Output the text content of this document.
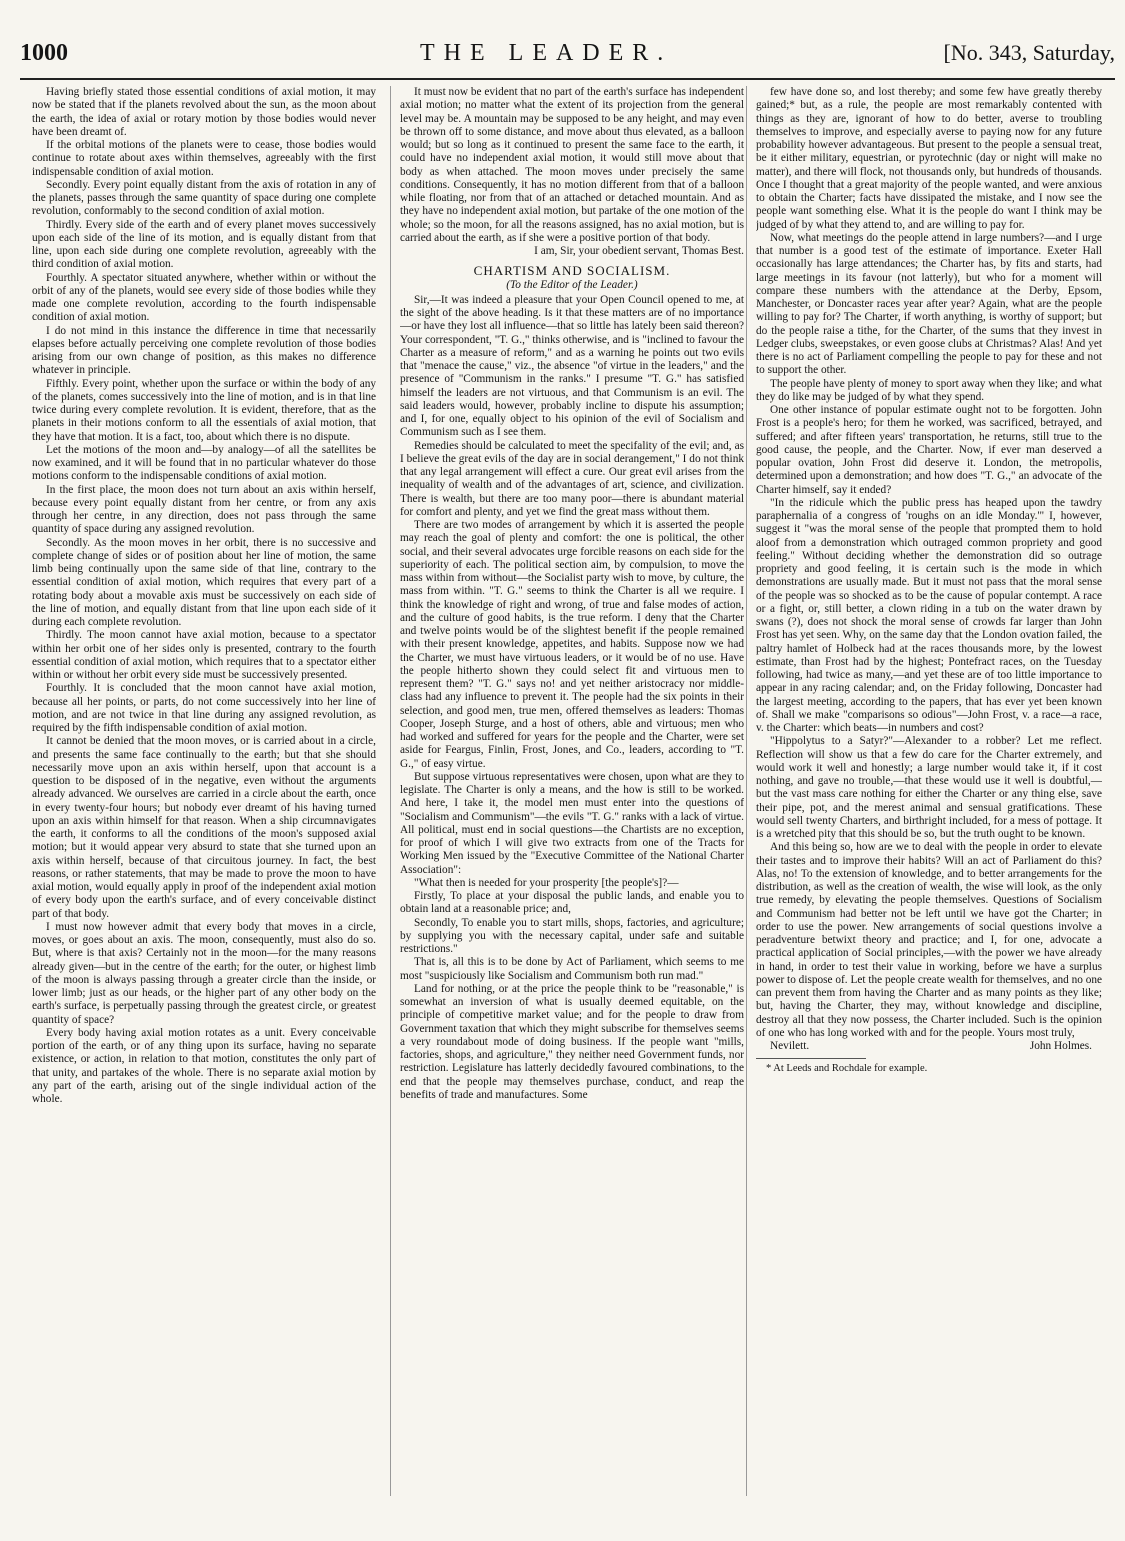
1000	THE LEADER.	[No. 343, Saturday,

Having briefly stated those essential conditions of axial motion, it may now be stated that if the planets revolved about the sun, as the moon about the earth, the idea of axial or rotary motion by those bodies would never have been dreamt of.

If the orbital motions of the planets were to cease, those bodies would continue to rotate about axes within themselves, agreeably with the first indispensable condition of axial motion.

Secondly. Every point equally distant from the axis of rotation in any of the planets, passes through the same quantity of space during one complete revolution, conformably to the second condition of axial motion.

Thirdly. Every side of the earth and of every planet moves successively upon each side of the line of its motion, and is equally distant from that line, upon each side during one complete revolution, agreeably with the third condition of axial motion.

Fourthly. A spectator situated anywhere, whether within or without the orbit of any of the planets, would see every side of those bodies while they made one complete revolution, according to the fourth indispensable condition of axial motion.

I do not mind in this instance the difference in time that necessarily elapses before actually perceiving one complete revolution of those bodies arising from our own change of position, as this makes no difference whatever in principle.

Fifthly. Every point, whether upon the surface or within the body of any of the planets, comes successively into the line of motion, and is in that line twice during every complete revolution. It is evident, therefore, that as the planets in their motions conform to all the essentials of axial motion, that they have that motion. It is a fact, too, about which there is no dispute.

Let the motions of the moon and—by analogy—of all the satellites be now examined, and it will be found that in no particular whatever do those motions conform to the indispensable conditions of axial motion.

In the first place, the moon does not turn about an axis within herself, because every point equally distant from her centre, or from any axis through her centre, in any direction, does not pass through the same quantity of space during any assigned revolution.

Secondly. As the moon moves in her orbit, there is no successive and complete change of sides or of position about her line of motion, the same limb being continually upon the same side of that line, contrary to the essential condition of axial motion, which requires that every part of a rotating body about a movable axis must be successively on each side of the line of motion, and equally distant from that line upon each side of it during each complete revolution.

Thirdly. The moon cannot have axial motion, because to a spectator within her orbit one of her sides only is presented, contrary to the fourth essential condition of axial motion, which requires that to a spectator either within or without her orbit every side must be successively presented.

Fourthly. It is concluded that the moon cannot have axial motion, because all her points, or parts, do not come successively into her line of motion, and are not twice in that line during any assigned revolution, as required by the fifth indispensable condition of axial motion.

It cannot be denied that the moon moves, or is carried about in a circle, and presents the same face continually to the earth; but that she should necessarily move upon an axis within herself, upon that account is a question to be disposed of in the negative, even without the arguments already advanced. We ourselves are carried in a circle about the earth, once in every twenty-four hours; but nobody ever dreamt of his having turned upon an axis within himself for that reason. When a ship circumnavigates the earth, it conforms to all the conditions of the moon's supposed axial motion; but it would appear very absurd to state that she turned upon an axis within herself, because of that circuitous journey. In fact, the best reasons, or rather statements, that may be made to prove the moon to have axial motion, would equally apply in proof of the independent axial motion of every body upon the earth's surface, and of every conceivable distinct part of that body.

I must now however admit that every body that moves in a circle, moves, or goes about an axis. The moon, consequently, must also do so. But, where is that axis? Certainly not in the moon—for the many reasons already given—but in the centre of the earth; for the outer, or highest limb of the moon is always passing through a greater circle than the inside, or lower limb; just as our heads, or the higher part of any other body on the earth's surface, is perpetually passing through the greatest circle, or greatest quantity of space?

Every body having axial motion rotates as a unit. Every conceivable portion of the earth, or of any thing upon its surface, having no separate existence, or action, in relation to that motion, constitutes the only part of that unity, and partakes of the whole. There is no separate axial motion by any part of the earth, arising out of the single individual action of the whole.

It must now be evident that no part of the earth's surface has independent axial motion; no matter what the extent of its projection from the general level may be. A mountain may be supposed to be any height, and may even be thrown off to some distance, and move about thus elevated, as a balloon would; but so long as it continued to present the same face to the earth, it could have no independent axial motion, it would still move about that body as when attached. The moon moves under precisely the same conditions. Consequently, it has no motion different from that of a balloon while floating, nor from that of an attached or detached mountain. And as they have no independent axial motion, but partake of the one motion of the whole; so the moon, for all the reasons assigned, has no axial motion, but is carried about the earth, as if she were a positive portion of that body.

I am, Sir, your obedient servant, Thomas Best.

CHARTISM AND SOCIALISM.

(To the Editor of the Leader.)

Sir,—It was indeed a pleasure that your Open Council opened to me, at the sight of the above heading. Is it that these matters are of no importance—or have they lost all influence—that so little has lately been said thereon? Your correspondent, "T. G.," thinks otherwise, and is "inclined to favour the Charter as a measure of reform," and as a warning he points out two evils that "menace the cause," viz., the absence "of virtue in the leaders," and the presence of "Communism in the ranks." I presume "T. G." has satisfied himself the leaders are not virtuous, and that Communism is an evil. The said leaders would, however, probably incline to dispute his assumption; and I, for one, equally object to his opinion of the evil of Socialism and Communism such as I see them.

Remedies should be calculated to meet the specifality of the evil; and, as I believe the great evils of the day are in social derangement," I do not think that any legal arrangement will effect a cure. Our great evil arises from the inequality of wealth and of the advantages of art, science, and civilization. There is wealth, but there are too many poor—there is abundant material for comfort and plenty, and yet we find the great mass without them.

There are two modes of arrangement by which it is asserted the people may reach the goal of plenty and comfort: the one is political, the other social, and their several advocates urge forcible reasons on each side for the superiority of each. The political section aim, by compulsion, to move the mass within from without—the Socialist party wish to move, by culture, the mass from within. "T. G." seems to think the Charter is all we require. I think the knowledge of right and wrong, of true and false modes of action, and the culture of good habits, is the true reform. I deny that the Charter and twelve points would be of the slightest benefit if the people remained with their present knowledge, appetites, and habits. Suppose now we had the Charter, we must have virtuous leaders, or it would be of no use. Have the people hitherto shown they could select fit and virtuous men to represent them? "T. G." says no! and yet neither aristocracy nor middle-class had any influence to prevent it. The people had the six points in their selection, and good men, true men, offered themselves as leaders: Thomas Cooper, Joseph Sturge, and a host of others, able and virtuous; men who had worked and suffered for years for the people and the Charter, were set aside for Feargus, Finlin, Frost, Jones, and Co., leaders, according to "T. G.," of easy virtue.

But suppose virtuous representatives were chosen, upon what are they to legislate. The Charter is only a means, and the how is still to be worked. And here, I take it, the model men must enter into the questions of "Socialism and Communism"—the evils "T. G." ranks with a lack of virtue. All political, must end in social questions—the Chartists are no exception, for proof of which I will give two extracts from one of the Tracts for Working Men issued by the "Executive Committee of the National Charter Association":

"What then is needed for your prosperity [the people's]?—

Firstly, To place at your disposal the public lands, and enable you to obtain land at a reasonable price; and,

Secondly, To enable you to start mills, shops, factories, and agriculture; by supplying you with the necessary capital, under safe and suitable restrictions."

That is, all this is to be done by Act of Parliament, which seems to me most "suspiciously like Socialism and Communism both run mad."

Land for nothing, or at the price the people think to be "reasonable," is somewhat an inversion of what is usually deemed equitable, on the principle of competitive market value; and for the people to draw from Government taxation that which they might subscribe for themselves seems a very roundabout mode of doing business. If the people want "mills, factories, shops, and agriculture," they neither need Government funds, nor restriction. Legislature has latterly decidedly favoured combinations, to the end that the people may themselves purchase, conduct, and reap the benefits of trade and manufactures. Some

few have done so, and lost thereby; and some few have greatly thereby gained;* but, as a rule, the people are most remarkably contented with things as they are, ignorant of how to do better, averse to troubling themselves to improve, and especially averse to paying now for any future probability however advantageous. But present to the people a sensual treat, be it either military, equestrian, or pyrotechnic (day or night will make no matter), and there will flock, not thousands only, but hundreds of thousands. Once I thought that a great majority of the people wanted, and were anxious to obtain the Charter; facts have dissipated the mistake, and I now see the people want something else. What it is the people do want I think may be judged of by what they attend to, and are willing to pay for.

Now, what meetings do the people attend in large numbers?—and I urge that number is a good test of the estimate of importance. Exeter Hall occasionally has large attendances; the Charter has, by fits and starts, had large meetings in its favour (not latterly), but who for a moment will compare these numbers with the attendance at the Derby, Epsom, Manchester, or Doncaster races year after year? Again, what are the people willing to pay for? The Charter, if worth anything, is worthy of support; but do the people raise a tithe, for the Charter, of the sums that they invest in Ledger clubs, sweepstakes, or even goose clubs at Christmas? Alas! And yet there is no act of Parliament compelling the people to pay for these and not to support the other.

The people have plenty of money to sport away when they like; and what they do like may be judged of by what they spend.

One other instance of popular estimate ought not to be forgotten. John Frost is a people's hero; for them he worked, was sacrificed, betrayed, and suffered; and after fifteen years' transportation, he returns, still true to the good cause, the people, and the Charter. Now, if ever man deserved a popular ovation, John Frost did deserve it. London, the metropolis, determined upon a demonstration; and how does "T. G.," an advocate of the Charter himself, say it ended?

"In the ridicule which the public press has heaped upon the tawdry paraphernalia of a congress of 'roughs on an idle Monday.'" I, however, suggest it "was the moral sense of the people that prompted them to hold aloof from a demonstration which outraged common propriety and good feeling." Without deciding whether the demonstration did so outrage propriety and good feeling, it is certain such is the mode in which demonstrations are usually made. But it must not pass that the moral sense of the people was so shocked as to be the cause of popular contempt. A race or a fight, or, still better, a clown riding in a tub on the water drawn by swans (?), does not shock the moral sense of crowds far larger than John Frost has yet seen. Why, on the same day that the London ovation failed, the paltry hamlet of Holbeck had at the races thousands more, by the lowest estimate, than Frost had by the highest; Pontefract races, on the Tuesday following, had twice as many,—and yet these are of too little importance to appear in any racing calendar; and, on the Friday following, Doncaster had the largest meeting, according to the papers, that has ever yet been known of. Shall we make "comparisons so odious"—John Frost, v. a race—a race, v. the Charter: which beats—in numbers and cost?

"Hippolytus to a Satyr?"—Alexander to a robber? Let me reflect. Reflection will show us that a few do care for the Charter extremely, and would work it well and honestly; a large number would take it, if it cost nothing, and gave no trouble,—that these would use it well is doubtful,—but the vast mass care nothing for either the Charter or any thing else, save their pipe, pot, and the merest animal and sensual gratifications. These would sell twenty Charters, and birthright included, for a mess of pottage. It is a wretched pity that this should be so, but the truth ought to be known.

And this being so, how are we to deal with the people in order to elevate their tastes and to improve their habits? Will an act of Parliament do this? Alas, no! To the extension of knowledge, and to better arrangements for the distribution, as well as the creation of wealth, the wise will look, as the only true remedy, by elevating the people themselves. Questions of Socialism and Communism had better not be left until we have got the Charter; in order to use the power. New arrangements of social questions involve a peradventure betwixt theory and practice; and I, for one, advocate a practical application of Social principles,—with the power we have already in hand, in order to test their value in working, before we have a surplus power to dispose of. Let the people create wealth for themselves, and no one can prevent them from having the Charter and as many points as they like; but, having the Charter, they may, without knowledge and discipline, destroy all that they now possess, the Charter included. Such is the opinion of one who has long worked with and for the people. Yours most truly,

Nevilett.	John Holmes.

* At Leeds and Rochdale for example.
